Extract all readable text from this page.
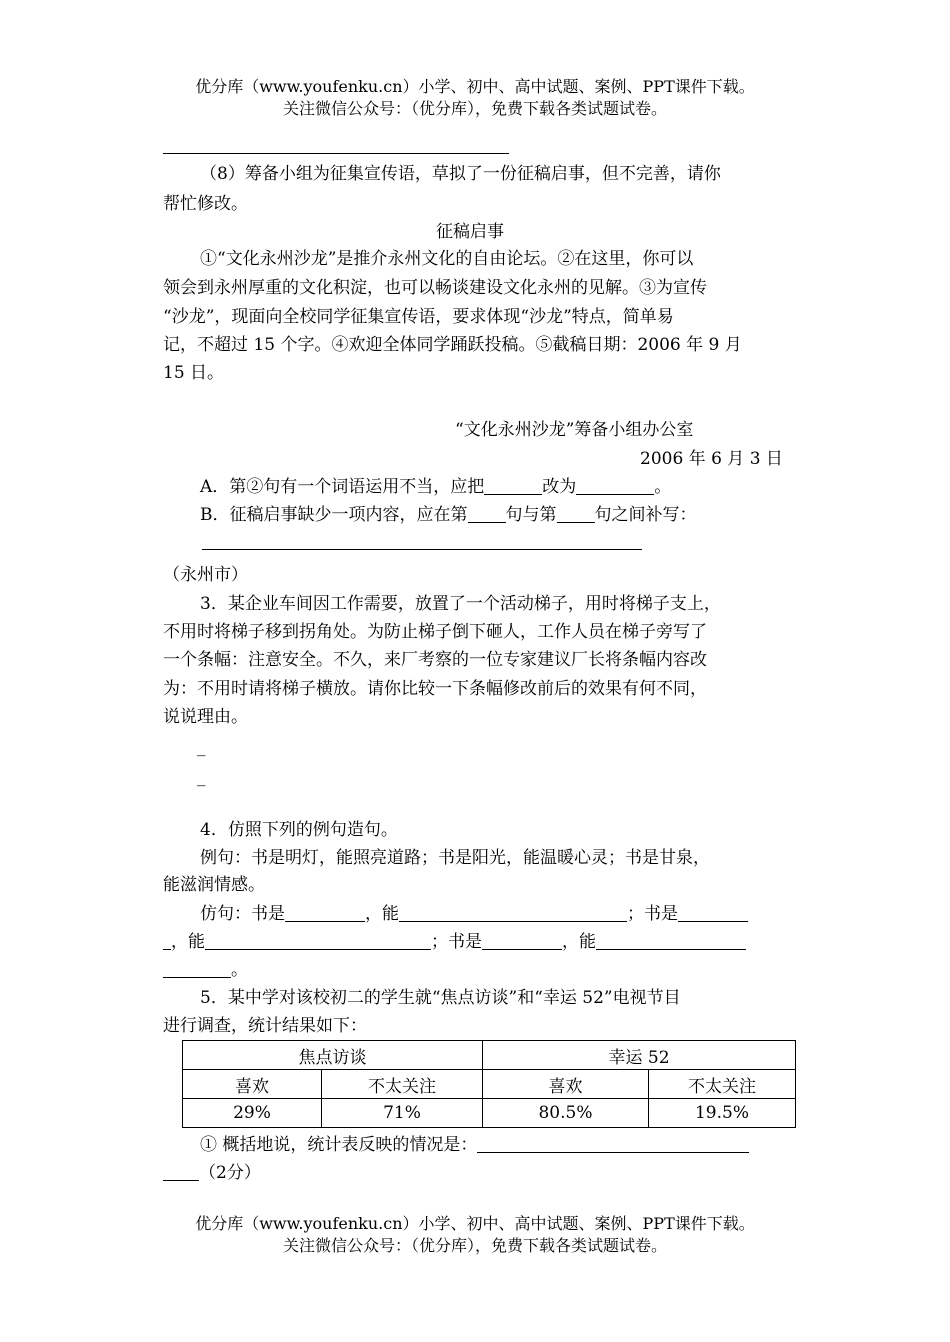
优分库（www.youfenku.cn）小学、初中、高中试题、案例、PPT课件下载。
关注微信公众号：（优分库），免费下载各类试题试卷。
（8）筹备小组为征集宣传语，草拟了一份征稿启事，但不完善，请你
帮忙修改。
征稿启事
①“文化永州沙龙”是推介永州文化的自由论坛。②在这里，你可以
领会到永州厚重的文化积淀，也可以畅谈建设文化永州的见解。③为宣传
“沙龙”，现面向全校同学征集宣传语，要求体现“沙龙”特点，简单易
记，不超过 15 个字。④欢迎全体同学踊跃投稿。⑤截稿日期：2006 年 9 月
15 日。
“文化永州沙龙”筹备小组办公室
2006 年 6 月 3 日
A．第②句有一个词语运用不当，应把	改为	。
B．征稿启事缺少一项内容，应在第 句与第 句之间补写：
（永州市）
3．某企业车间因工作需要，放置了一个活动梯子，用时将梯子支上，
不用时将梯子移到拐角处。为防止梯子倒下砸人，工作人员在梯子旁写了
一个条幅：注意安全。不久，来厂考察的一位专家建议厂长将条幅内容改
为：不用时请将梯子横放。请你比较一下条幅修改前后的效果有何不同，
说说理由。
_
_
4．仿照下列的例句造句。
例句：书是明灯，能照亮道路；书是阳光，能温暖心灵；书是甘泉，
能滋润情感。
仿句：书是	，能	；书是
，能	；书是	，能
。
5．某中学对该校初二的学生就“焦点访谈”和“幸运 52”电视节目
进行调查，统计结果如下：
焦点访谈		幸运 52	
喜欢	不太关注	喜欢	不太关注
29%	71%	80.5%	19.5%
① 概括地说，统计表反映的情况是：
（2分）
优分库（www.youfenku.cn）小学、初中、高中试题、案例、PPT课件下载。
关注微信公众号：（优分库），免费下载各类试题试卷。
